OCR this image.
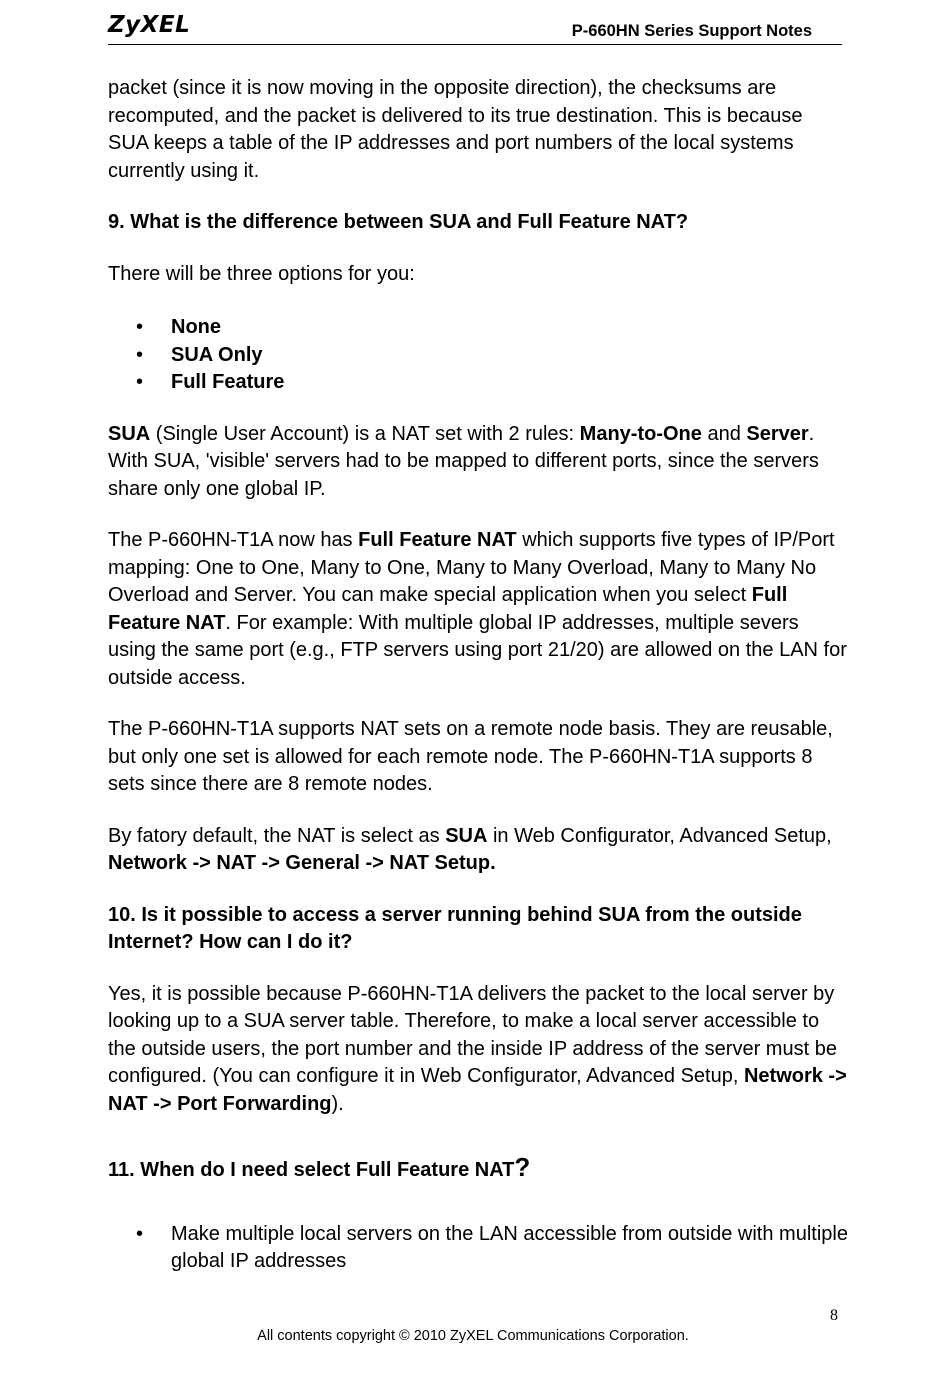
ZyXEL	P-660HN Series Support Notes

packet (since it is now moving in the opposite direction), the checksums are recomputed, and the packet is delivered to its true destination. This is because SUA keeps a table of the IP addresses and port numbers of the local systems currently using it.

9. What is the difference between SUA and Full Feature NAT?

There will be three options for you:

• None
• SUA Only
• Full Feature

SUA (Single User Account) is a NAT set with 2 rules: Many-to-One and Server. With SUA, 'visible' servers had to be mapped to different ports, since the servers share only one global IP.

The P-660HN-T1A now has Full Feature NAT which supports five types of IP/Port mapping: One to One, Many to One, Many to Many Overload, Many to Many No Overload and Server. You can make special application when you select Full Feature NAT. For example: With multiple global IP addresses, multiple severs using the same port (e.g., FTP servers using port 21/20) are allowed on the LAN for outside access.

The P-660HN-T1A supports NAT sets on a remote node basis. They are reusable, but only one set is allowed for each remote node. The P-660HN-T1A supports 8 sets since there are 8 remote nodes.

By fatory default, the NAT is select as SUA in Web Configurator, Advanced Setup, Network -> NAT -> General -> NAT Setup.

10. Is it possible to access a server running behind SUA from the outside Internet? How can I do it?

Yes, it is possible because P-660HN-T1A delivers the packet to the local server by looking up to a SUA server table. Therefore, to make a local server accessible to the outside users, the port number and the inside IP address of the server must be configured. (You can configure it in Web Configurator, Advanced Setup, Network -> NAT -> Port Forwarding).

11. When do I need select Full Feature NAT?

• Make multiple local servers on the LAN accessible from outside with multiple global IP addresses
8
All contents copyright © 2010 ZyXEL Communications Corporation.
